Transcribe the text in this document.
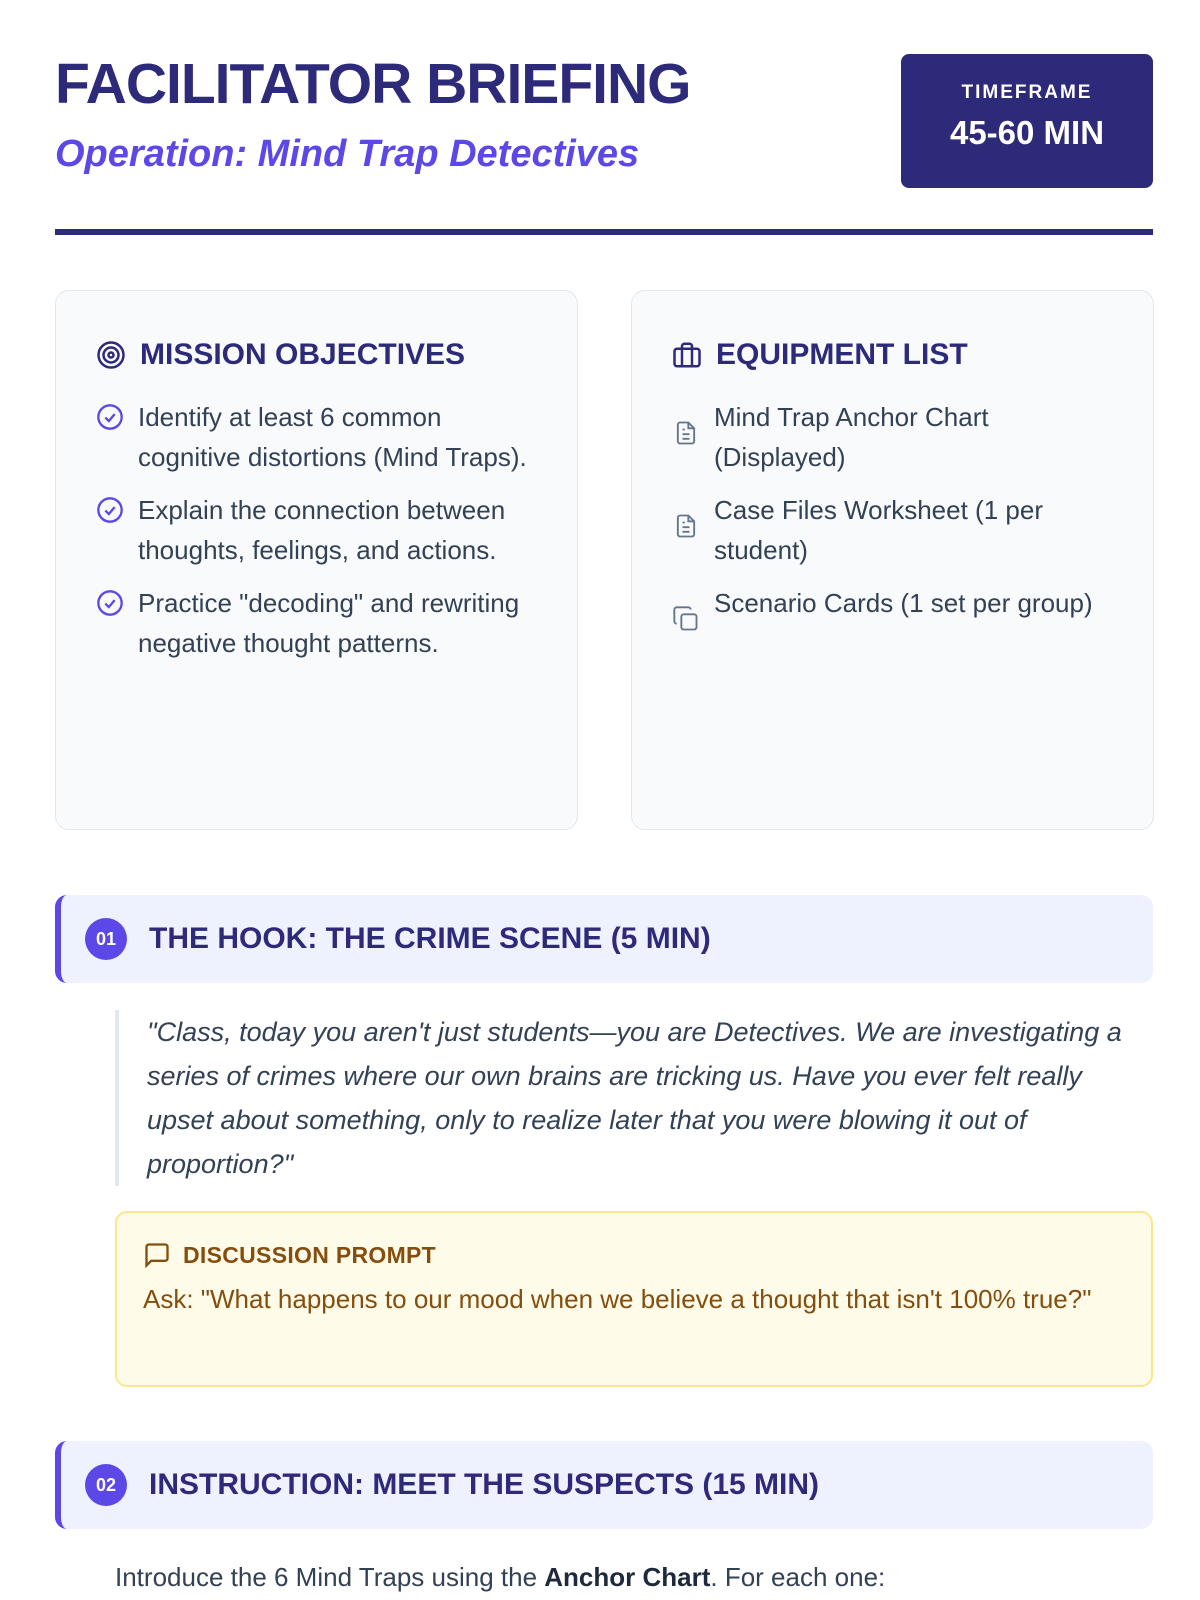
FACILITATOR BRIEFING
Operation: Mind Trap Detectives
TIMEFRAME
45-60 MIN
MISSION OBJECTIVES
Identify at least 6 common cognitive distortions (Mind Traps).
Explain the connection between thoughts, feelings, and actions.
Practice "decoding" and rewriting negative thought patterns.
EQUIPMENT LIST
Mind Trap Anchor Chart (Displayed)
Case Files Worksheet (1 per student)
Scenario Cards (1 set per group)
01	THE HOOK: THE CRIME SCENE (5 MIN)
"Class, today you aren't just students—you are Detectives. We are investigating a series of crimes where our own brains are tricking us. Have you ever felt really upset about something, only to realize later that you were blowing it out of proportion?"
DISCUSSION PROMPT
Ask: "What happens to our mood when we believe a thought that isn't 100% true?"
02	INSTRUCTION: MEET THE SUSPECTS (15 MIN)
Introduce the 6 Mind Traps using the Anchor Chart. For each one:
